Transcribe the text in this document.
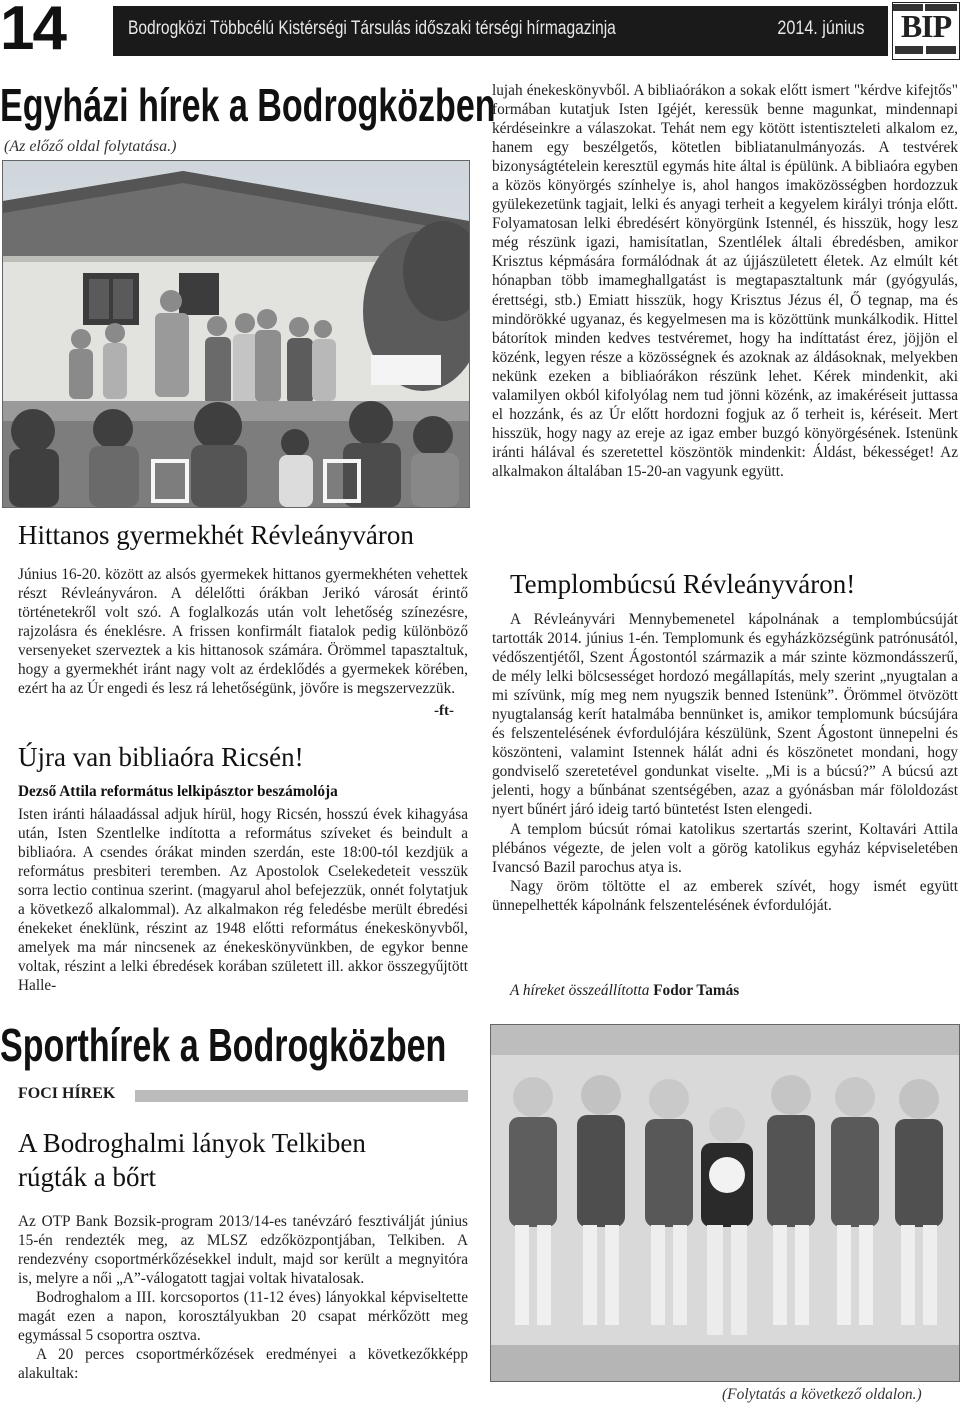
14	Bodrogközi Többcélú Kistérségi Társulás időszaki térségi hírmagazinja	2014. június BIP
Egyházi hírek a Bodrogközben
(Az előző oldal folytatása.)
Hittanos gyermekhét Révleányváron

Június 16-20. között az alsós gyermekek hittanos gyermekhéten vehettek részt Révleányváron. A délelőtti órákban Jerikó városát érintő történetekről volt szó. A foglalkozás után volt lehetőség színezésre, rajzolásra és éneklésre. A frissen konfirmált fiatalok pedig különböző versenyeket szerveztek a kis hittanosok számára. Örömmel tapasztaltuk, hogy a gyermekhét iránt nagy volt az érdeklődés a gyermekek körében, ezért ha az Úr engedi és lesz rá lehetőségünk, jövőre is megszervezzük.

-ft-
Újra van bibliaóra Ricsén!
Dezső Attila református lelkipásztor beszámolója

Isten iránti hálaadással adjuk hírül, hogy Ricsén, hosszú évek kihagyása után, Isten Szentlelke indította a református szíveket és beindult a bibliaóra. A csendes órákat minden szerdán, este 18:00-tól kezdjük a református presbiteri teremben. Az Apostolok Cselekedeteit vesszük sorra lectio continua szerint. (magyarul ahol befejezzük, onnét folytatjuk a következő alkalommal). Az alkalmakon rég feledésbe merült ébredési énekeket éneklünk, részint az 1948 előtti református énekeskönyvből, amelyek ma már nincsenek az énekeskönyvünkben, de egykor benne voltak, részint a lelki ébredések korában született ill. akkor összegyűjtött Halle-

lujah énekeskönyvből. A bibliaórákon a sokak előtt ismert "kérdve kifejtős" formában kutatjuk Isten Igéjét, keressük benne magunkat, mindennapi kérdéseinkre a válaszokat. Tehát nem egy kötött istentiszteleti alkalom ez, hanem egy beszélgetős, kötetlen bibliatanulmányozás. A testvérek bizonyságtételein keresztül egymás hite által is épülünk. A bibliaóra egyben a közös könyörgés színhelye is, ahol hangos imaközösségben hordozzuk gyülekezetünk tagjait, lelki és anyagi terheit a kegyelem királyi trónja előtt. Folyamatosan lelki ébredésért könyörgünk Istennél, és hisszük, hogy lesz még részünk igazi, hamisítatlan, Szentlélek általi ébredésben, amikor Krisztus képmására formálódnak át az újjászületett életek. Az elmúlt két hónapban több imameghallgatást is megtapasztaltunk már (gyógyulás, érettségi, stb.) Emiatt hisszük, hogy Krisztus Jézus él, Ő tegnap, ma és mindörökké ugyanaz, és kegyelmesen ma is közöttünk munkálkodik. Hittel bátorítok minden kedves testvéremet, hogy ha indíttatást érez, jöjjön el közénk, legyen része a közösségnek és azoknak az áldásoknak, melyekben nekünk ezeken a bibliaórákon részünk lehet. Kérek mindenkit, aki valamilyen okból kifolyólag nem tud jönni közénk, az imakéréseit juttassa el hozzánk, és az Úr előtt hordozni fogjuk az ő terheit is, kéréseit. Mert hisszük, hogy nagy az ereje az igaz ember buzgó könyörgésének. Istenünk iránti hálával és szeretettel köszöntök mindenkit: Áldást, békességet! Az alkalmakon általában 15-20-an vagyunk együtt.

Templombúcsú Révleányváron!

A Révleányvári Mennybemenetel kápolnának a templombúcsúját tartották 2014. június 1-én. Templomunk és egyházközségünk patrónusától, védőszentjétől, Szent Ágostontól származik a már szinte közmondásszerű, de mély lelki bölcsességet hordozó megállapítás, mely szerint „nyugtalan a mi szívünk, míg meg nem nyugszik benned Istenünk”. Örömmel ötvözött nyugtalanság kerít hatalmába bennünket is, amikor templomunk búcsújára és felszentelésének évfordulójára készülünk, Szent Ágostont ünnepelni és köszönteni, valamint Istennek hálát adni és köszönetet mondani, hogy gondviselő szeretetével gondunkat viselte. „Mi is a búcsú?” A búcsú azt jelenti, hogy a bűnbánat szentségében, azaz a gyónásban már föloldozást nyert bűnért járó ideig tartó büntetést Isten elengedi.

A templom búcsút római katolikus szertartás szerint, Koltavári Attila plébános végezte, de jelen volt a görög katolikus egyház képviseletében Ivancsó Bazil parochus atya is.

Nagy öröm töltötte el az emberek szívét, hogy ismét együtt ünnepelhették kápolnánk felszentelésének évfordulóját.

A híreket összeállította Fodor Tamás
Sporthírek a Bodrogközben
FOCI HÍREK
A Bodroghalmi lányok Telkiben
rúgták a bőrt

Az OTP Bank Bozsik-program 2013/14-es tanévzáró fesztiválját június 15-én rendezték meg, az MLSZ edzőközpontjában, Telkiben. A rendezvény csoportmérkőzésekkel indult, majd sor került a megnyitóra is, melyre a női „A”-válogatott tagjai voltak hivatalosak.

Bodroghalom a III. korcsoportos (11-12 éves) lányokkal képviseltette magát ezen a napon, korosztályukban 20 csapat mérkőzött meg egymással 5 csoportra osztva.

A 20 perces csoportmérkőzések eredményei a következőkképp alakultak:

(Folytatás a következő oldalon.)
